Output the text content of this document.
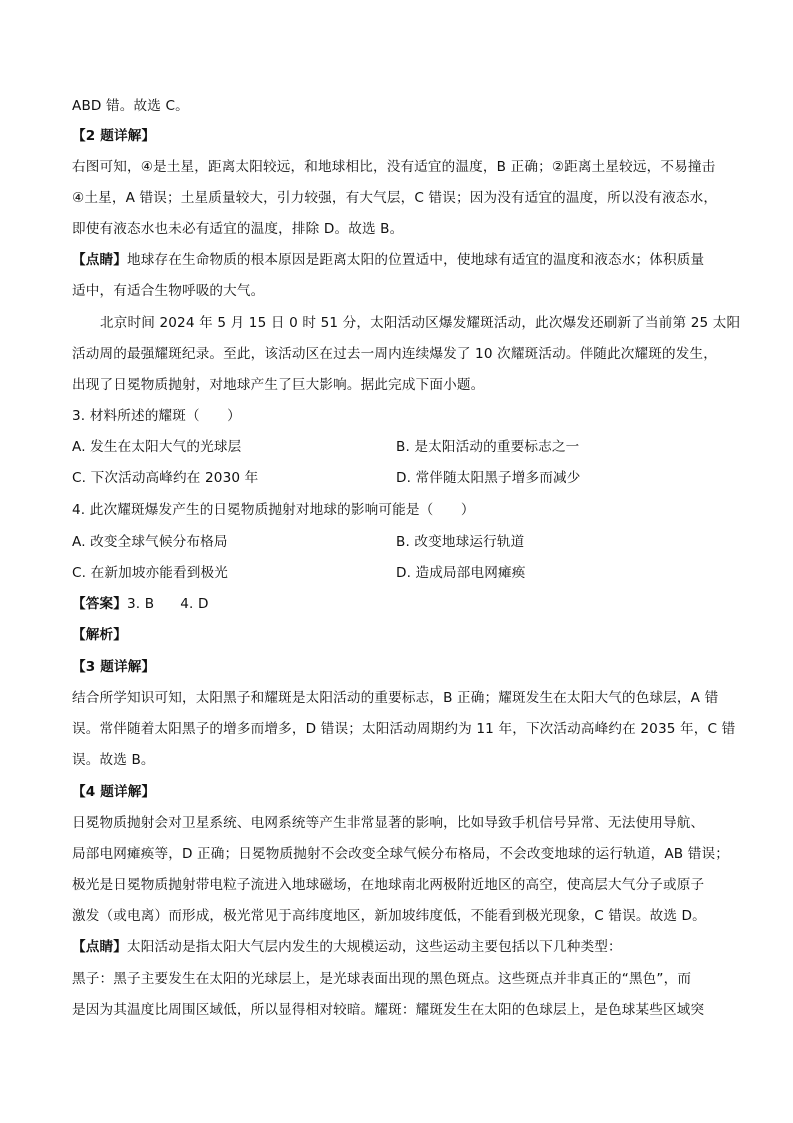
ABD 错。故选 C。
【2 题详解】
右图可知，④是土星，距离太阳较远，和地球相比，没有适宜的温度，B 正确；②距离土星较远，不易撞击
④土星，A 错误；土星质量较大，引力较强，有大气层，C 错误；因为没有适宜的温度，所以没有液态水，
即使有液态水也未必有适宜的温度，排除 D。故选 B。
【点睛】地球存在生命物质的根本原因是距离太阳的位置适中，使地球有适宜的温度和液态水；体积质量
适中，有适合生物呼吸的大气。
北京时间 2024 年 5 月 15 日 0 时 51 分，太阳活动区爆发耀斑活动，此次爆发还刷新了当前第 25 太阳
活动周的最强耀斑纪录。至此，该活动区在过去一周内连续爆发了 10 次耀斑活动。伴随此次耀斑的发生，
出现了日冕物质抛射，对地球产生了巨大影响。据此完成下面小题。
3. 材料所述的耀斑（　　）
A. 发生在太阳大气的光球层	B. 是太阳活动的重要标志之一
C. 下次活动高峰约在 2030 年	D. 常伴随太阳黑子增多而减少
4. 此次耀斑爆发产生的日冕物质抛射对地球的影响可能是（　　）
A. 改变全球气候分布格局	B. 改变地球运行轨道
C. 在新加坡亦能看到极光	D. 造成局部电网瘫痪
【答案】3. B 4. D
【解析】
【3 题详解】
结合所学知识可知，太阳黑子和耀斑是太阳活动的重要标志，B 正确；耀斑发生在太阳大气的色球层，A 错
误。常伴随着太阳黑子的增多而增多，D 错误；太阳活动周期约为 11 年，下次活动高峰约在 2035 年，C 错
误。故选 B。
【4 题详解】
日冕物质抛射会对卫星系统、电网系统等产生非常显著的影响，比如导致手机信号异常、无法使用导航、
局部电网瘫痪等，D 正确；日冕物质抛射不会改变全球气候分布格局，不会改变地球的运行轨道，AB 错误；
极光是日冕物质抛射带电粒子流进入地球磁场，在地球南北两极附近地区的高空，使高层大气分子或原子
激发（或电离）而形成，极光常见于高纬度地区，新加坡纬度低，不能看到极光现象，C 错误。故选 D。
【点睛】太阳活动是指太阳大气层内发生的大规模运动，这些运动主要包括以下几种类型：
黑子：黑子主要发生在太阳的光球层上，是光球表面出现的黑色斑点。这些斑点并非真正的“黑色”，而
是因为其温度比周围区域低，所以显得相对较暗。耀斑：耀斑发生在太阳的色球层上，是色球某些区域突
